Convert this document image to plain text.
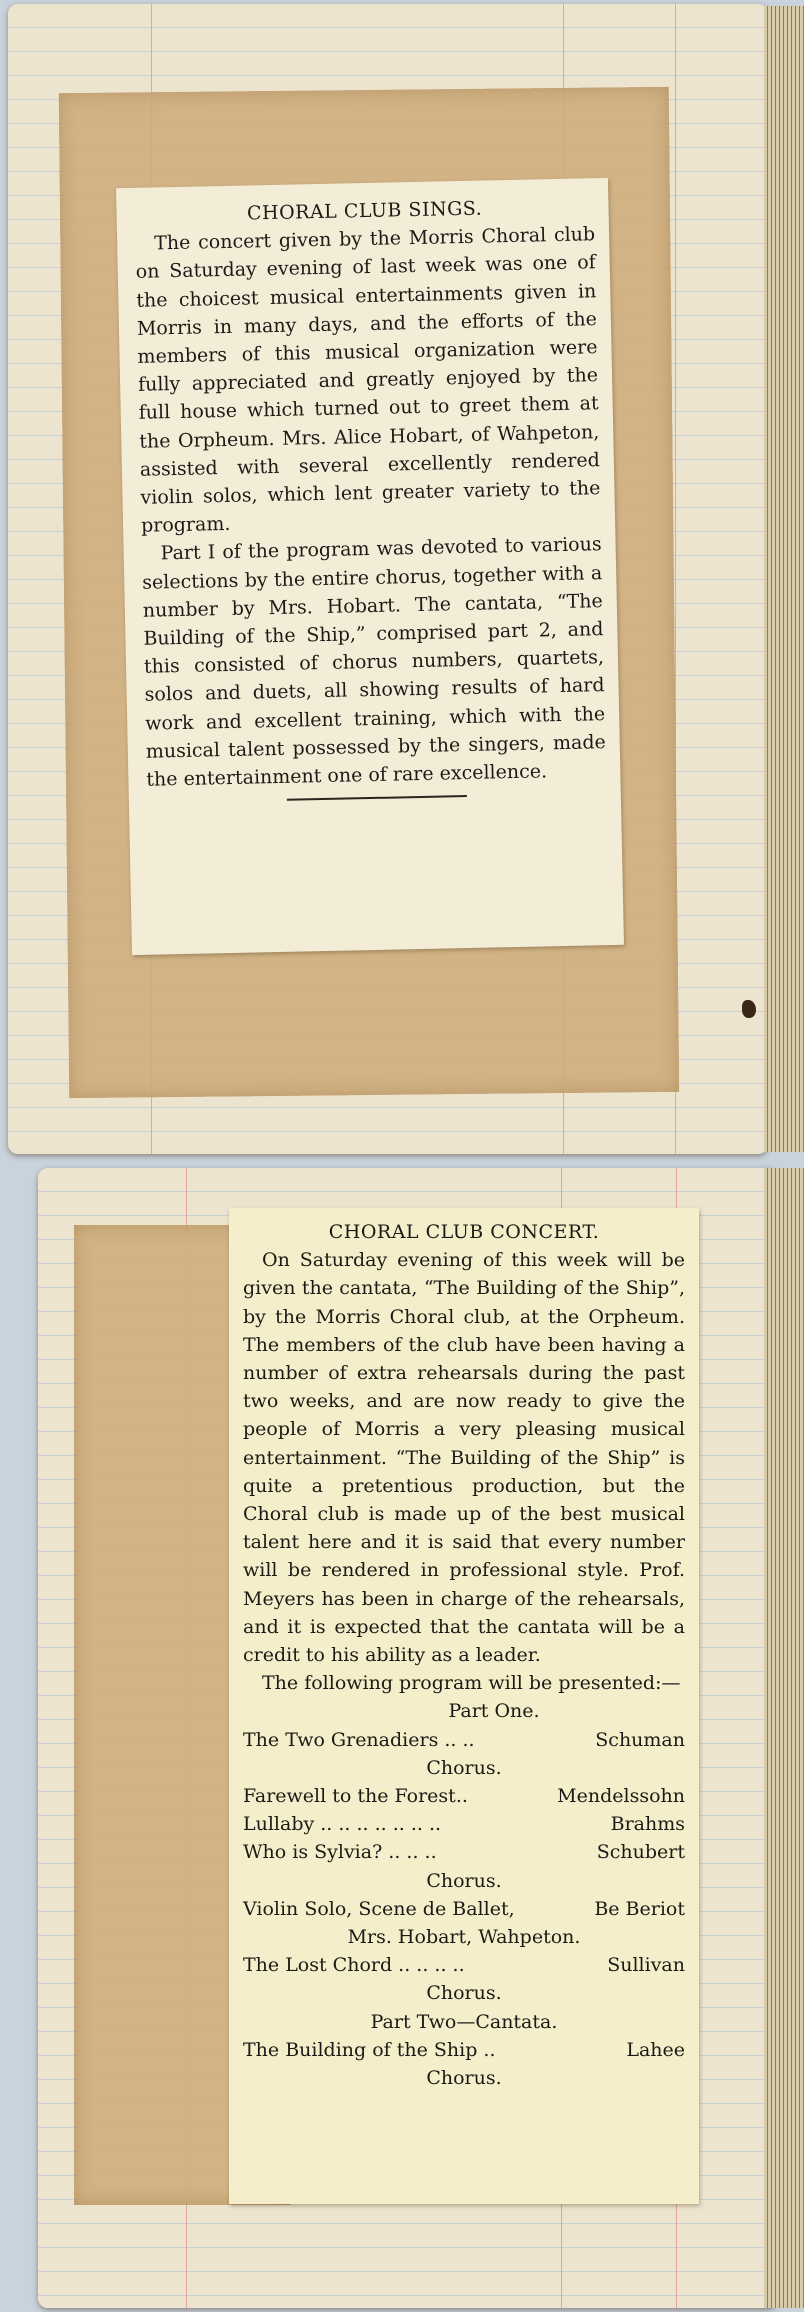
CHORAL CLUB SINGS.
The concert given by the Morris Choral club on Saturday evening of last week was one of the choicest musical entertainments given in Morris in many days, and the efforts of the members of this musical organization were fully appreciated and greatly enjoyed by the full house which turned out to greet them at the Orpheum. Mrs. Alice Hobart, of Wahpeton, assisted with several excellently rendered violin solos, which lent greater variety to the program.
Part I of the program was devoted to various selections by the entire chorus, together with a number by Mrs. Hobart. The cantata, “The Building of the Ship,” comprised part 2, and this consisted of chorus numbers, quartets, solos and duets, all showing results of hard work and excellent training, which with the musical talent possessed by the singers, made the entertainment one of rare excellence.
CHORAL CLUB CONCERT.
On Saturday evening of this week will be given the cantata, “The Building of the Ship”, by the Morris Choral club, at the Orpheum. The members of the club have been having a number of extra rehearsals during the past two weeks, and are now ready to give the people of Morris a very pleasing musical entertainment. “The Building of the Ship” is quite a pretentious production, but the Choral club is made up of the best musical talent here and it is said that every number will be rendered in professional style. Prof. Meyers has been in charge of the rehearsals, and it is expected that the cantata will be a credit to his ability as a leader.
The following program will be presented:—
Part One.
The Two Grenadiers .. ..	Schuman
Chorus.
Farewell to the Forest..	Mendelssohn
Lullaby .. .. .. .. .. .. ..	Brahms
Who is Sylvia? .. .. ..	Schubert
Chorus.
Violin Solo, Scene de Ballet,	Be Beriot
Mrs. Hobart, Wahpeton.
The Lost Chord .. .. .. ..	Sullivan
Chorus.
Part Two—Cantata.
The Building of the Ship ..	Lahee
Chorus.
